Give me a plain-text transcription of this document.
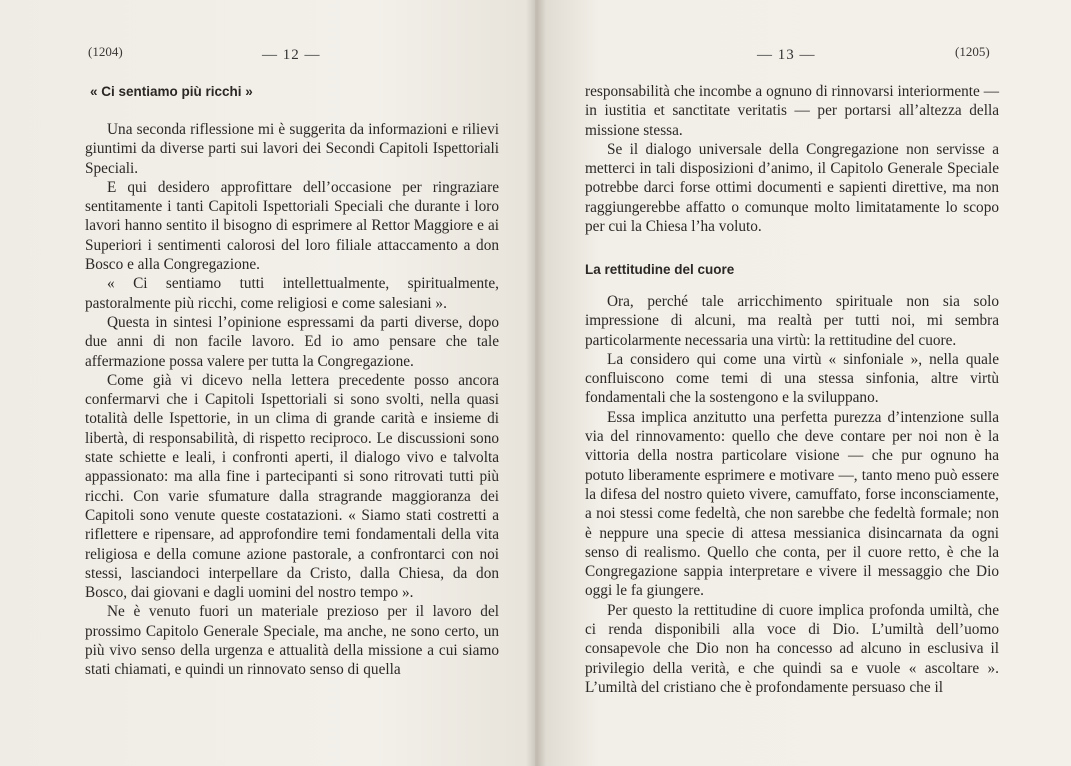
(1204)	— 12 —
« Ci sentiamo più ricchi »

Una seconda riflessione mi è suggerita da informazioni e rilievi giuntimi da diverse parti sui lavori dei Secondi Capitoli Ispettoriali Speciali.

E qui desidero approfittare dell’occasione per ringraziare sentitamente i tanti Capitoli Ispettoriali Speciali che durante i loro lavori hanno sentito il bisogno di esprimere al Rettor Maggiore e ai Superiori i sentimenti calorosi del loro filiale attaccamento a don Bosco e alla Congregazione.

« Ci sentiamo tutti intellettualmente, spiritualmente, pastoralmente più ricchi, come religiosi e come salesiani ».

Questa in sintesi l’opinione espressami da parti diverse, dopo due anni di non facile lavoro. Ed io amo pensare che tale affermazione possa valere per tutta la Congregazione.

Come già vi dicevo nella lettera precedente posso ancora confermarvi che i Capitoli Ispettoriali si sono svolti, nella quasi totalità delle Ispettorie, in un clima di grande carità e insieme di libertà, di responsabilità, di rispetto reciproco. Le discussioni sono state schiette e leali, i confronti aperti, il dialogo vivo e talvolta appassionato: ma alla fine i partecipanti si sono ritrovati tutti più ricchi. Con varie sfumature dalla stragrande maggioranza dei Capitoli sono venute queste costatazioni. « Siamo stati costretti a riflettere e ripensare, ad approfondire temi fondamentali della vita religiosa e della comune azione pastorale, a confrontarci con noi stessi, lasciandoci interpellare da Cristo, dalla Chiesa, da don Bosco, dai giovani e dagli uomini del nostro tempo ».

Ne è venuto fuori un materiale prezioso per il lavoro del prossimo Capitolo Generale Speciale, ma anche, ne sono certo, un più vivo senso della urgenza e attualità della missione a cui siamo stati chiamati, e quindi un rinnovato senso di quella

— 13 —	(1205)

responsabilità che incombe a ognuno di rinnovarsi interiormente — in iustitia et sanctitate veritatis — per portarsi all’altezza della missione stessa.

Se il dialogo universale della Congregazione non servisse a metterci in tali disposizioni d’animo, il Capitolo Generale Speciale potrebbe darci forse ottimi documenti e sapienti direttive, ma non raggiungerebbe affatto o comunque molto limitatamente lo scopo per cui la Chiesa l’ha voluto.

La rettitudine del cuore

Ora, perché tale arricchimento spirituale non sia solo impressione di alcuni, ma realtà per tutti noi, mi sembra particolarmente necessaria una virtù: la rettitudine del cuore.

La considero qui come una virtù « sinfoniale », nella quale confluiscono come temi di una stessa sinfonia, altre virtù fondamentali che la sostengono e la sviluppano.

Essa implica anzitutto una perfetta purezza d’intenzione sulla via del rinnovamento: quello che deve contare per noi non è la vittoria della nostra particolare visione — che pur ognuno ha potuto liberamente esprimere e motivare —, tanto meno può essere la difesa del nostro quieto vivere, camuffato, forse inconsciamente, a noi stessi come fedeltà, che non sarebbe che fedeltà formale; non è neppure una specie di attesa messianica disincarnata da ogni senso di realismo. Quello che conta, per il cuore retto, è che la Congregazione sappia interpretare e vivere il messaggio che Dio oggi le fa giungere.

Per questo la rettitudine di cuore implica profonda umiltà, che ci renda disponibili alla voce di Dio. L’umiltà dell’uomo consapevole che Dio non ha concesso ad alcuno in esclusiva il privilegio della verità, e che quindi sa e vuole « ascoltare ». L’umiltà del cristiano che è profondamente persuaso che il
